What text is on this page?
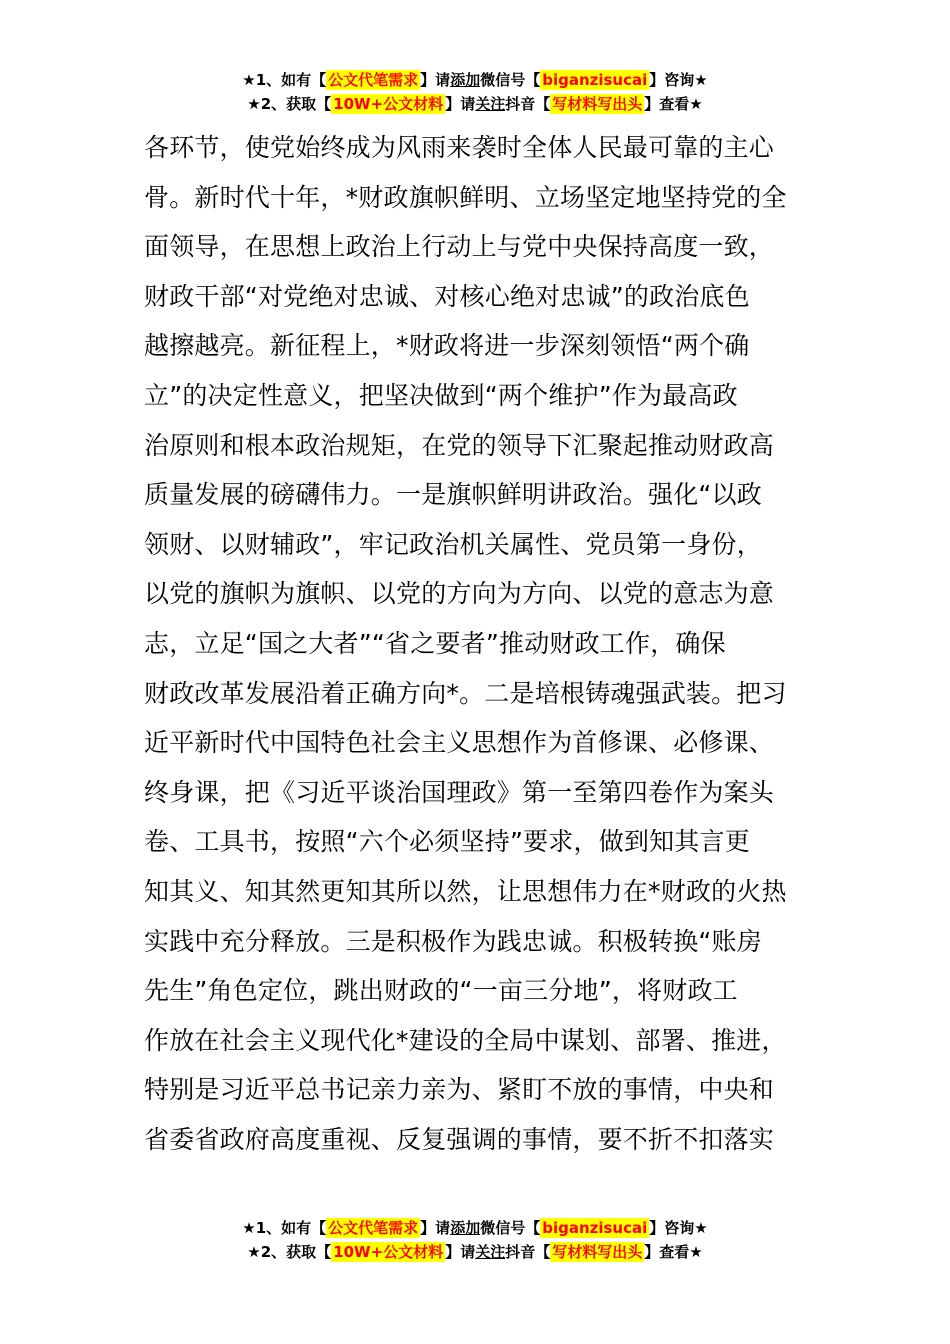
★1、如有【 公文代笔需求 】请添加微信号【 biganzisucai 】咨询★
★2、获取【 10W+公文材料 】请关注抖音【 写材料写出头 】查看★
各环节，使党始终成为风雨来袭时全体人民最可靠的主心
骨。新时代十年，*财政旗帜鲜明、立场坚定地坚持党的全
面领导，在思想上政治上行动上与党中央保持高度一致，
财政干部“对党绝对忠诚、对核心绝对忠诚”的政治底色
越擦越亮。新征程上，*财政将进一步深刻领悟“两个确
立”的决定性意义，把坚决做到“两个维护”作为最高政
治原则和根本政治规矩，在党的领导下汇聚起推动财政高
质量发展的磅礴伟力。一是旗帜鲜明讲政治。强化“以政
领财、以财辅政”，牢记政治机关属性、党员第一身份，
以党的旗帜为旗帜、以党的方向为方向、以党的意志为意
志，立足“国之大者”“省之要者”推动财政工作，确保
财政改革发展沿着正确方向*。二是培根铸魂强武装。把习
近平新时代中国特色社会主义思想作为首修课、必修课、
终身课，把《习近平谈治国理政》第一至第四卷作为案头
卷、工具书，按照“六个必须坚持”要求，做到知其言更
知其义、知其然更知其所以然，让思想伟力在*财政的火热
实践中充分释放。三是积极作为践忠诚。积极转换“账房
先生”角色定位，跳出财政的“一亩三分地”，将财政工
作放在社会主义现代化*建设的全局中谋划、部署、推进，
特别是习近平总书记亲力亲为、紧盯不放的事情，中央和
省委省政府高度重视、反复强调的事情，要不折不扣落实
★1、如有【 公文代笔需求 】请添加微信号【 biganzisucai 】咨询★
★2、获取【 10W+公文材料 】请关注抖音【 写材料写出头 】查看★
